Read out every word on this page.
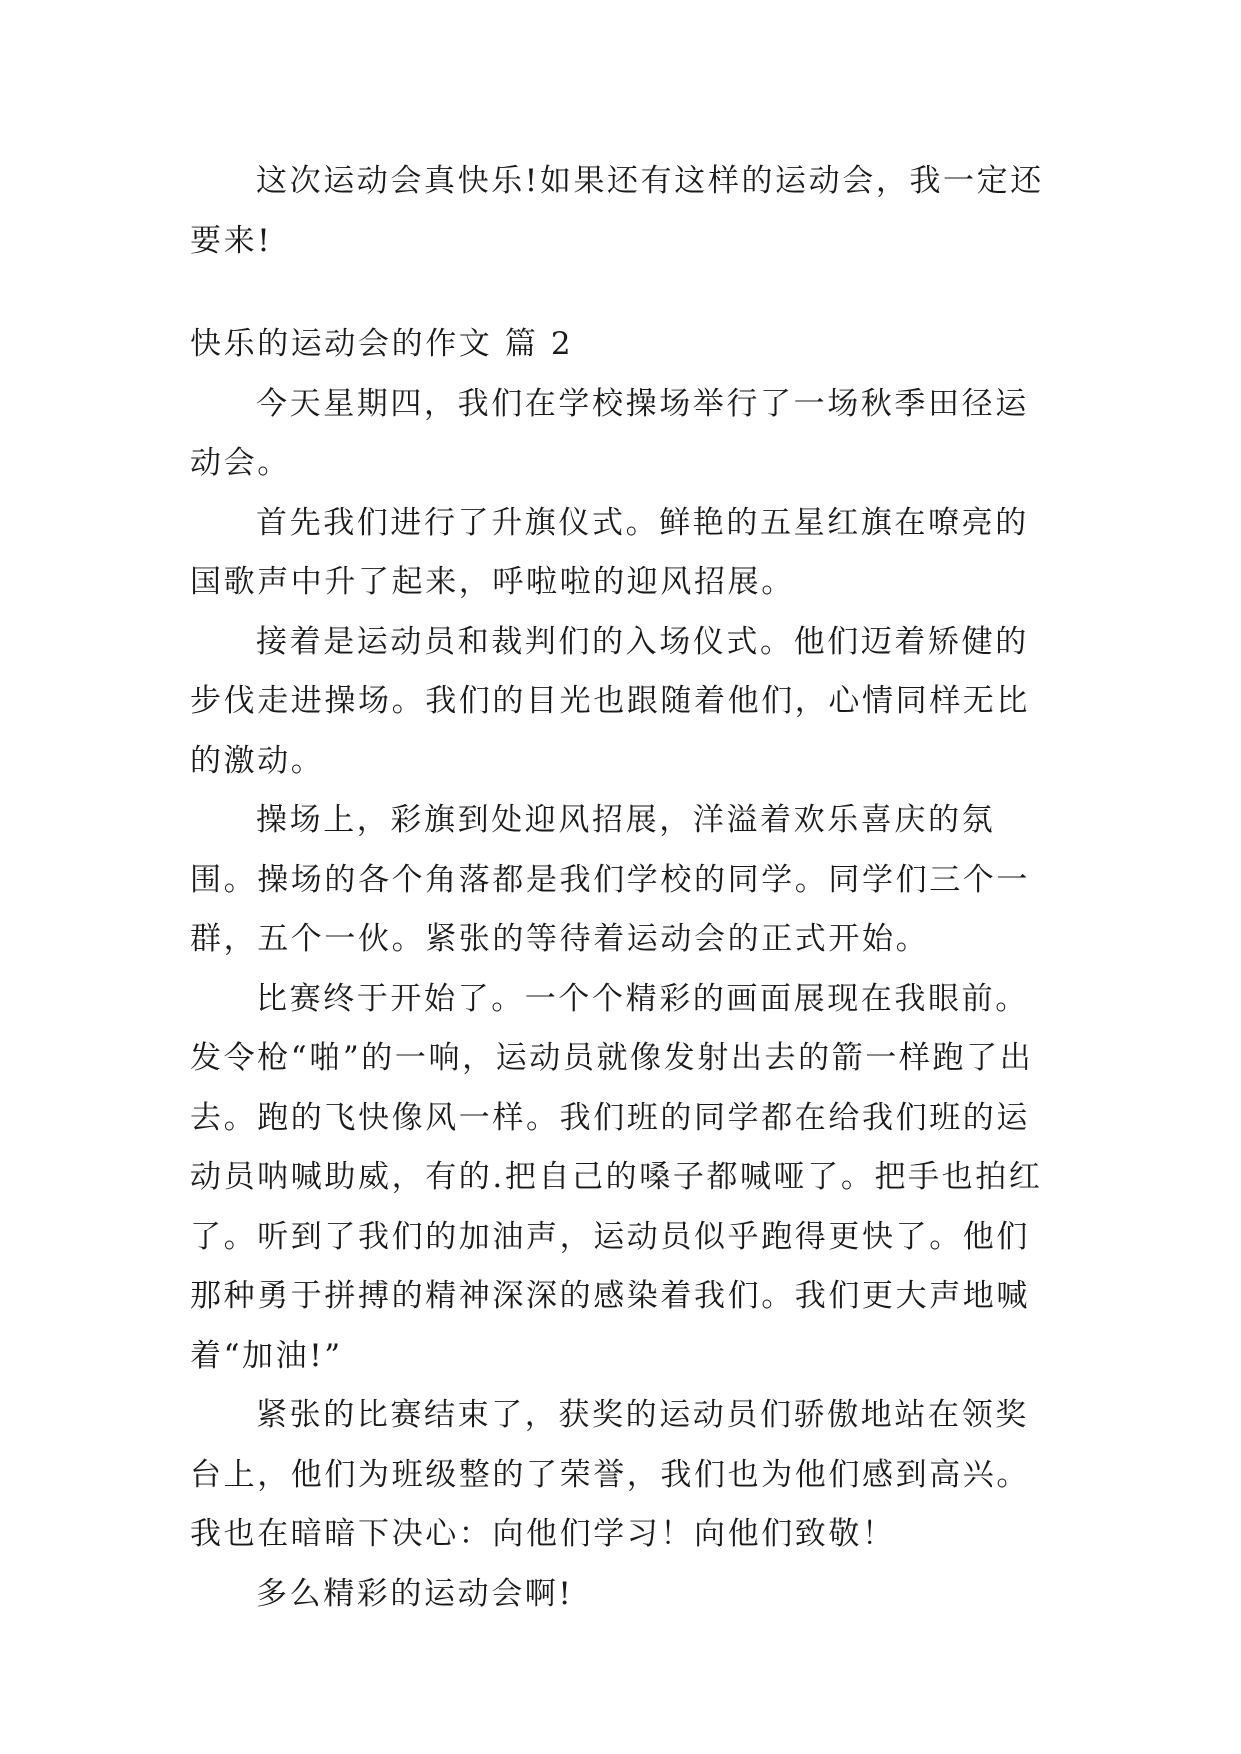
这次运动会真快乐!如果还有这样的运动会，我一定还要来!

快乐的运动会的作文 篇 2

今天星期四，我们在学校操场举行了一场秋季田径运动会。

首先我们进行了升旗仪式。鲜艳的五星红旗在嘹亮的国歌声中升了起来，呼啦啦的迎风招展。

接着是运动员和裁判们的入场仪式。他们迈着矫健的步伐走进操场。我们的目光也跟随着他们，心情同样无比的激动。

操场上，彩旗到处迎风招展，洋溢着欢乐喜庆的氛围。操场的各个角落都是我们学校的同学。同学们三个一群，五个一伙。紧张的等待着运动会的正式开始。

比赛终于开始了。一个个精彩的画面展现在我眼前。发令枪“啪”的一响，运动员就像发射出去的箭一样跑了出去。跑的飞快像风一样。我们班的同学都在给我们班的运动员呐喊助威，有的.把自己的嗓子都喊哑了。把手也拍红了。听到了我们的加油声，运动员似乎跑得更快了。他们那种勇于拼搏的精神深深的感染着我们。我们更大声地喊着“加油!”

紧张的比赛结束了，获奖的运动员们骄傲地站在领奖台上，他们为班级整的了荣誉，我们也为他们感到高兴。我也在暗暗下决心：向他们学习！向他们致敬！

多么精彩的运动会啊!
